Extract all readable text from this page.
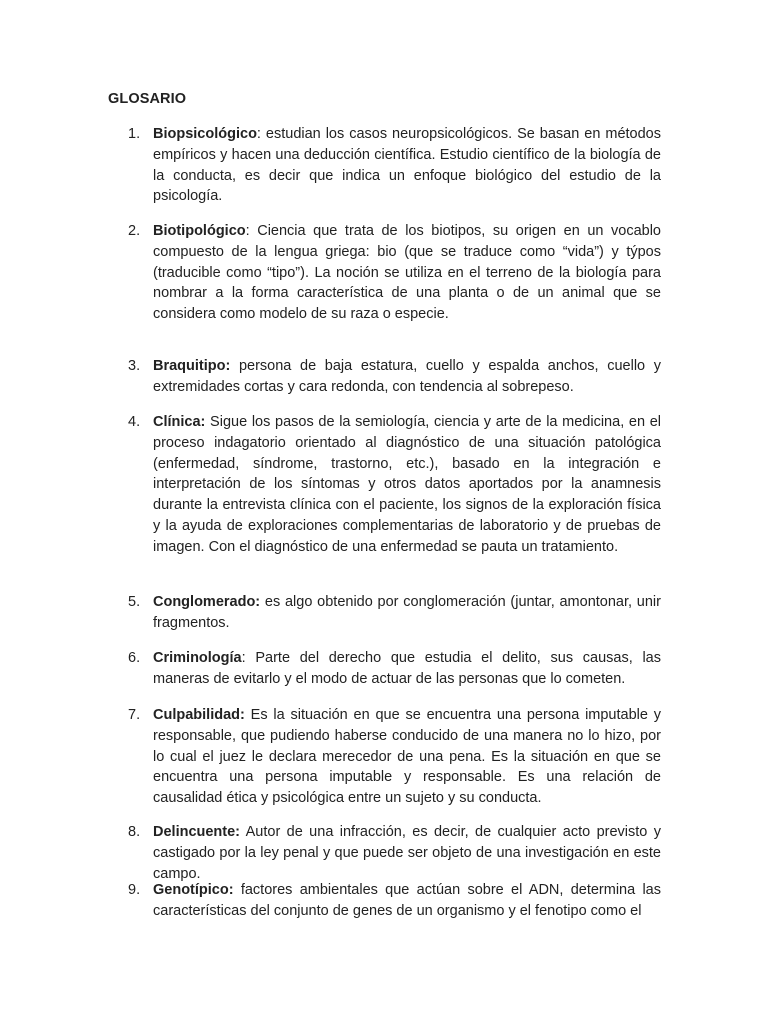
GLOSARIO
1. Biopsicológico: estudian los casos neuropsicológicos. Se basan en métodos empíricos y hacen una deducción científica. Estudio científico de la biología de la conducta, es decir que indica un enfoque biológico del estudio de la psicología.
2. Biotipológico: Ciencia que trata de los biotipos, su origen en un vocablo compuesto de la lengua griega: bio (que se traduce como “vida”) y týpos (traducible como “tipo”). La noción se utiliza en el terreno de la biología para nombrar a la forma característica de una planta o de un animal que se considera como modelo de su raza o especie.
3. Braquitipo: persona de baja estatura, cuello y espalda anchos, cuello y extremidades cortas y cara redonda, con tendencia al sobrepeso.
4. Clínica: Sigue los pasos de la semiología, ciencia y arte de la medicina, en el proceso indagatorio orientado al diagnóstico de una situación patológica (enfermedad, síndrome, trastorno, etc.), basado en la integración e interpretación de los síntomas y otros datos aportados por la anamnesis durante la entrevista clínica con el paciente, los signos de la exploración física y la ayuda de exploraciones complementarias de laboratorio y de pruebas de imagen. Con el diagnóstico de una enfermedad se pauta un tratamiento.
5. Conglomerado: es algo obtenido por conglomeración (juntar, amontonar, unir fragmentos.
6. Criminología: Parte del derecho que estudia el delito, sus causas, las maneras de evitarlo y el modo de actuar de las personas que lo cometen.
7. Culpabilidad: Es la situación en que se encuentra una persona imputable y responsable, que pudiendo haberse conducido de una manera no lo hizo, por lo cual el juez le declara merecedor de una pena. Es la situación en que se encuentra una persona imputable y responsable. Es una relación de causalidad ética y psicológica entre un sujeto y su conducta.
8. Delincuente: Autor de una infracción, es decir, de cualquier acto previsto y castigado por la ley penal y que puede ser objeto de una investigación en este campo.
9. Genotípico: factores ambientales que actúan sobre el ADN, determina las características del conjunto de genes de un organismo y el fenotipo como el
